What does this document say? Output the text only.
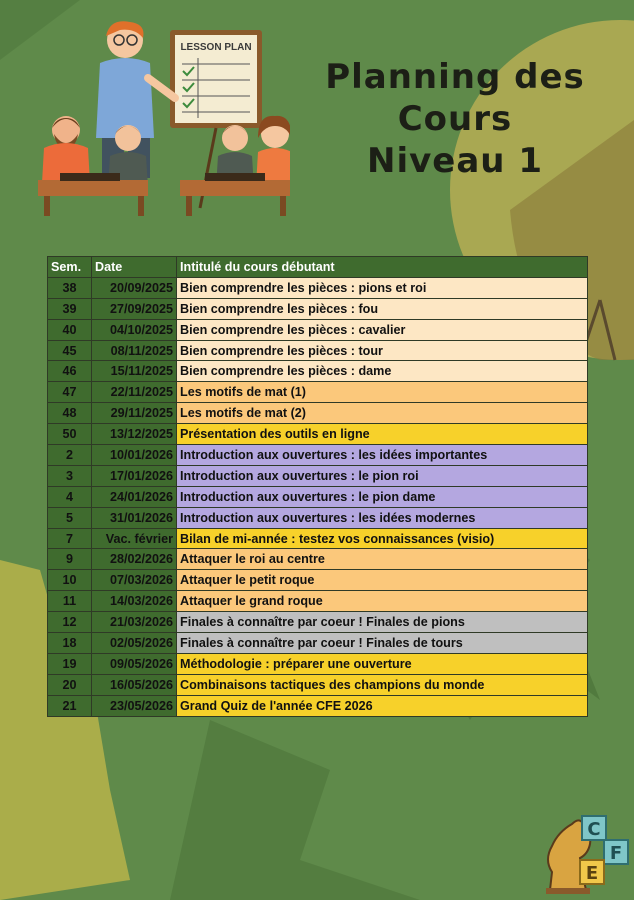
LESSON PLAN
Planning des
Cours
Niveau 1
Sem.	Date	Intitulé du cours débutant
38	20/09/2025	Bien comprendre les pièces : pions et roi
39	27/09/2025	Bien comprendre les pièces : fou
40	04/10/2025	Bien comprendre les pièces : cavalier
45	08/11/2025	Bien comprendre les pièces : tour
46	15/11/2025	Bien comprendre les pièces : dame
47	22/11/2025	Les motifs de mat (1)
48	29/11/2025	Les motifs de mat (2)
50	13/12/2025	Présentation des outils en ligne
2	10/01/2026	Introduction aux ouvertures : les idées importantes
3	17/01/2026	Introduction aux ouvertures : le pion roi
4	24/01/2026	Introduction aux ouvertures : le pion dame
5	31/01/2026	Introduction aux ouvertures : les idées modernes
7	Vac. février	Bilan de mi-année : testez vos connaissances (visio)
9	28/02/2026	Attaquer le roi au centre
10	07/03/2026	Attaquer le petit roque
11	14/03/2026	Attaquer le grand roque
12	21/03/2026	Finales à connaître par coeur ! Finales de pions
18	02/05/2026	Finales à connaître par coeur ! Finales de tours
19	09/05/2026	Méthodologie : préparer une ouverture
20	16/05/2026	Combinaisons tactiques des champions du monde
21	23/05/2026	Grand Quiz de l'année CFE 2026
C
F
E
